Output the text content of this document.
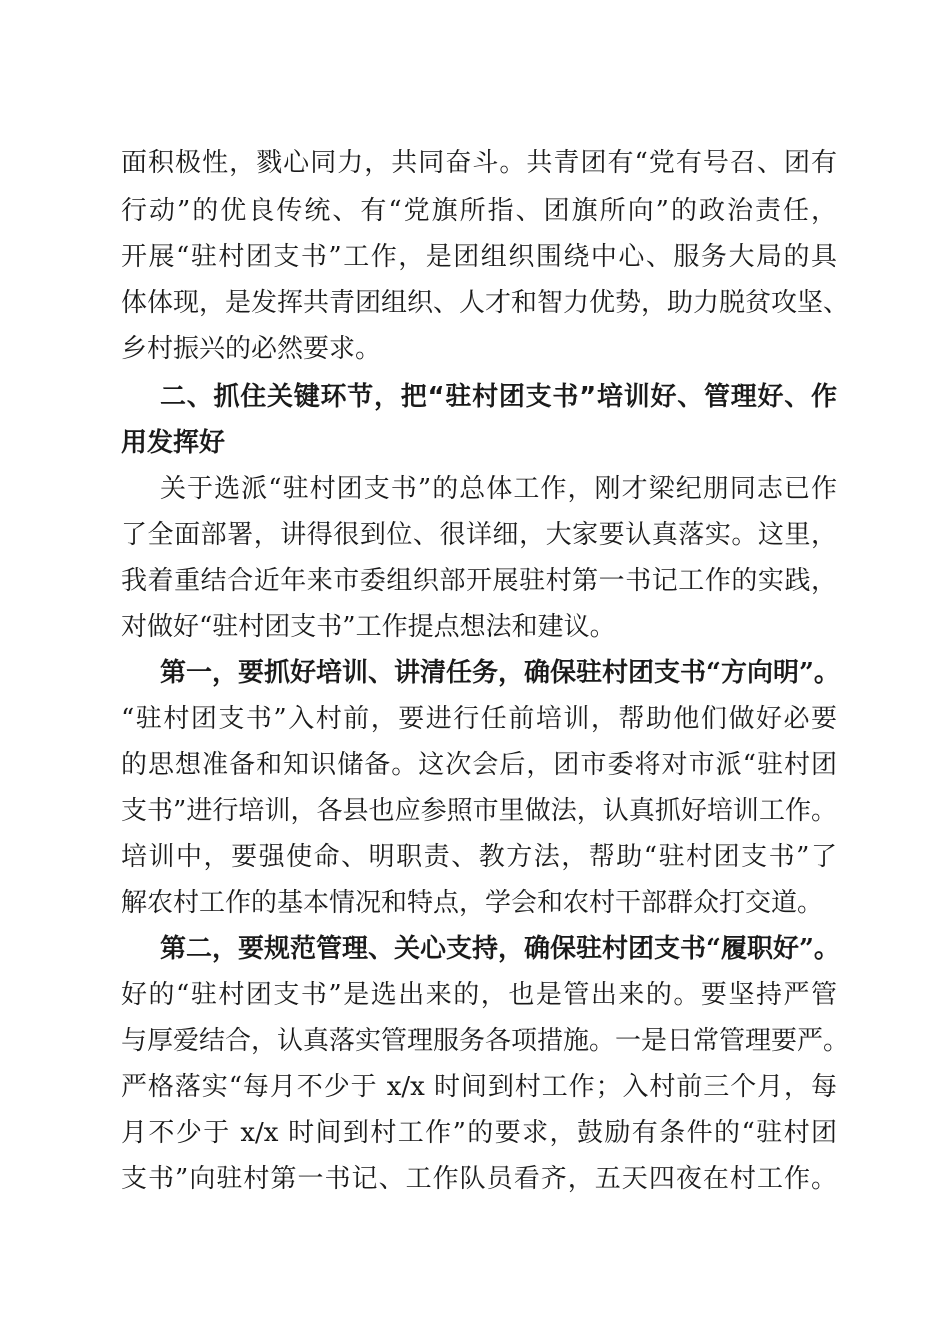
面积极性，戮心同力，共同奋斗。共青团有“党有号召、团有
行动”的优良传统、有“党旗所指、团旗所向”的政治责任，
开展“驻村团支书”工作，是团组织围绕中心、服务大局的具
体体现，是发挥共青团组织、人才和智力优势，助力脱贫攻坚、
乡村振兴的必然要求。
二、抓住关键环节，把“驻村团支书”培训好、管理好、作
用发挥好
关于选派“驻村团支书”的总体工作，刚才梁纪朋同志已作
了全面部署，讲得很到位、很详细，大家要认真落实。这里，
我着重结合近年来市委组织部开展驻村第一书记工作的实践，
对做好“驻村团支书”工作提点想法和建议。
第一，要抓好培训、讲清任务，确保驻村团支书“方向明”。
“驻村团支书”入村前，要进行任前培训，帮助他们做好必要
的思想准备和知识储备。这次会后，团市委将对市派“驻村团
支书”进行培训，各县也应参照市里做法，认真抓好培训工作。
培训中，要强使命、明职责、教方法，帮助“驻村团支书”了
解农村工作的基本情况和特点，学会和农村干部群众打交道。
第二，要规范管理、关心支持，确保驻村团支书“履职好”。
好的“驻村团支书”是选出来的，也是管出来的。要坚持严管
与厚爱结合，认真落实管理服务各项措施。一是日常管理要严。
严格落实“每月不少于 x/x 时间到村工作；入村前三个月，每
月不少于 x/x 时间到村工作”的要求，鼓励有条件的“驻村团
支书”向驻村第一书记、工作队员看齐，五天四夜在村工作。
